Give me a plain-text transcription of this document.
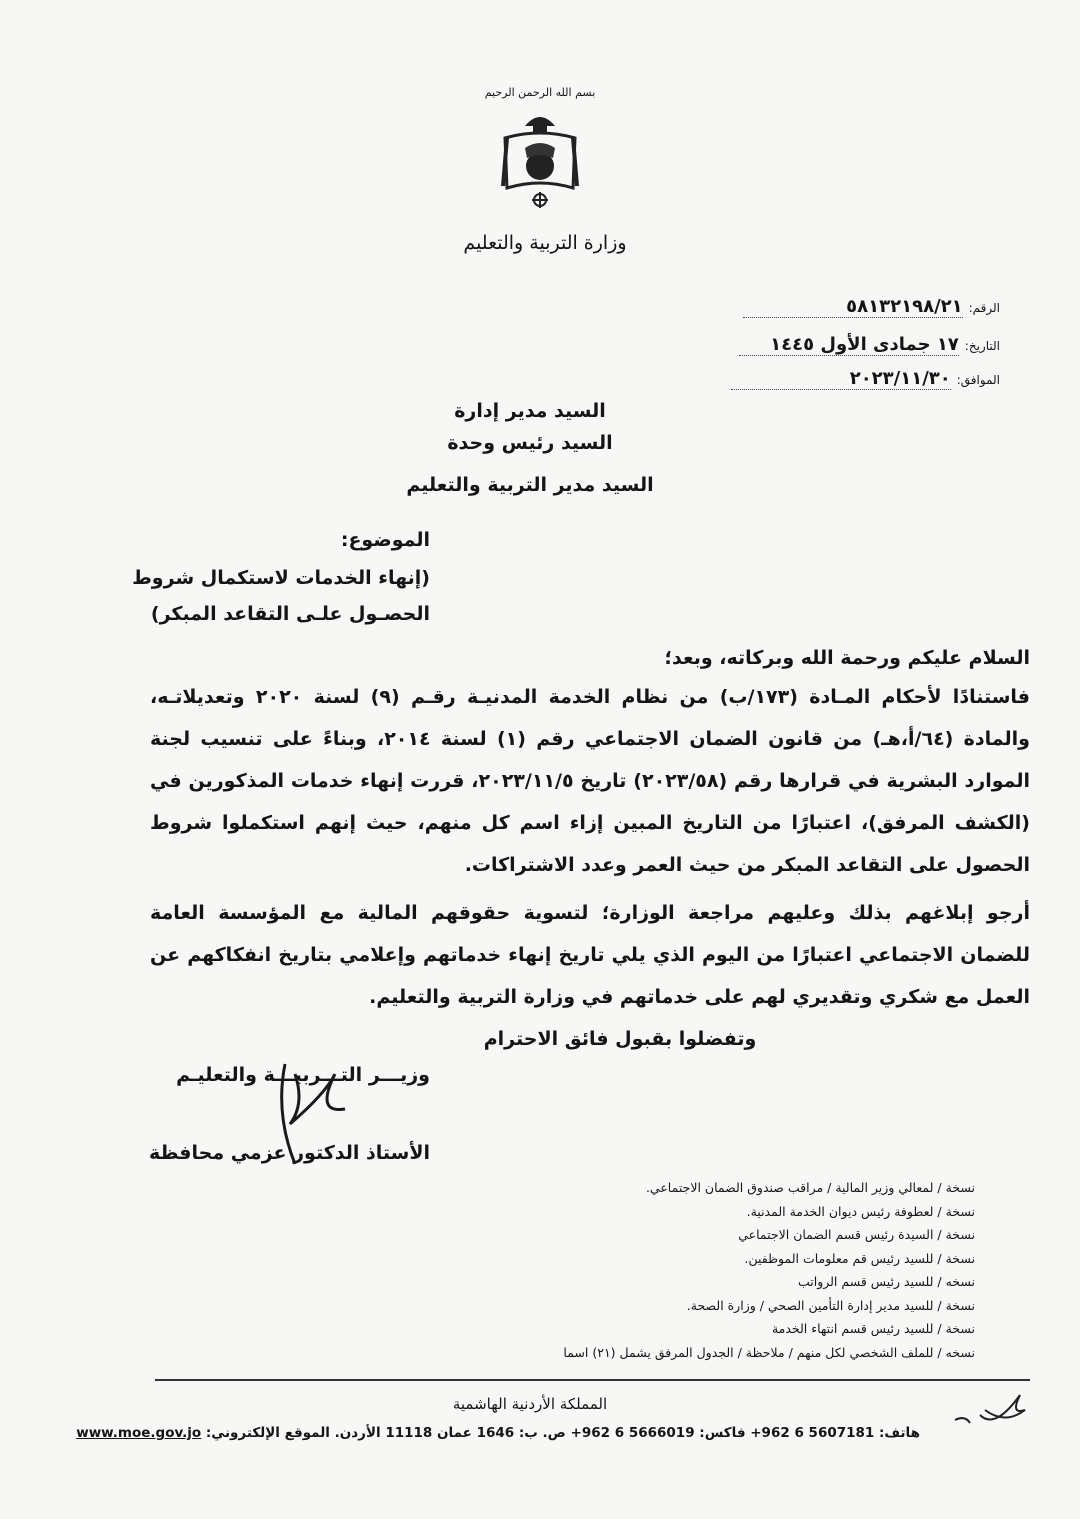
بسم الله الرحمن الرحيم
وزارة التربية والتعليم
الرقم:
٥٨١٣٢١٩٨/٢١
التاريخ:
١٧ جمادى الأول ١٤٤٥
الموافق:
٢٠٢٣/١١/٣٠
السيد مدير إدارة
السيد رئيس وحدة
السيد مدير التربية والتعليم
الموضوع:
(إنهاء الخدمات لاستكمال شروط
الحصـول علـى التقاعد المبكر)
السلام عليكم ورحمة الله وبركاته، وبعد؛
فاستنادًا لأحكام المـادة (١٧٣/ب) من نظام الخدمة المدنيـة رقـم (٩) لسنة ٢٠٢٠ وتعديلاتـه، والمادة (٦٤/أ،هـ) من قانون الضمان الاجتماعي رقم (١) لسنة ٢٠١٤، وبناءً على تنسيب لجنة الموارد البشرية في قرارها رقم (٢٠٢٣/٥٨) تاريخ ٢٠٢٣/١١/٥، قررت إنهاء خدمات المذكورين في (الكشف المرفق)، اعتبارًا من التاريخ المبين إزاء اسم كل منهم، حيث إنهم استكملوا شروط الحصول على التقاعد المبكر من حيث العمر وعدد الاشتراكات.
أرجو إبلاغهم بذلك وعليهم مراجعة الوزارة؛ لتسوية حقوقهم المالية مع المؤسسة العامة للضمان الاجتماعي اعتبارًا من اليوم الذي يلي تاريخ إنهاء خدماتهم وإعلامي بتاريخ انفكاكهم عن العمل مع شكري وتقديري لهم على خدماتهم في وزارة التربية والتعليم.
وتفضلوا بقبول فائق الاحترام
وزيـــر التـــربيـــة والتعليـم
الأستاذ الدكتور عزمي محافظة
نسخة / لمعالي وزير المالية / مراقب صندوق الضمان الاجتماعي.
نسخة / لعطوفة رئيس ديوان الخدمة المدنية.
نسخة / السيدة رئيس قسم الضمان الاجتماعي
نسخة / للسيد رئيس قم معلومات الموظفين.
نسخه / للسيد رئيس قسم الرواتب
نسخة / للسيد مدير إدارة التأمين الصحي / وزارة الصحة.
نسخة / للسيد رئيس قسم انتهاء الخدمة
نسخه / للملف الشخصي لكل منهم / ملاحظة / الجدول المرفق يشمل (٢١) اسما
المملكة الأردنية الهاشمية
هاتف: 5607181 6 962+ فاكس: 5666019 6 962+ ص. ب: 1646 عمان 11118 الأردن. الموقع الإلكتروني: www.moe.gov.jo
